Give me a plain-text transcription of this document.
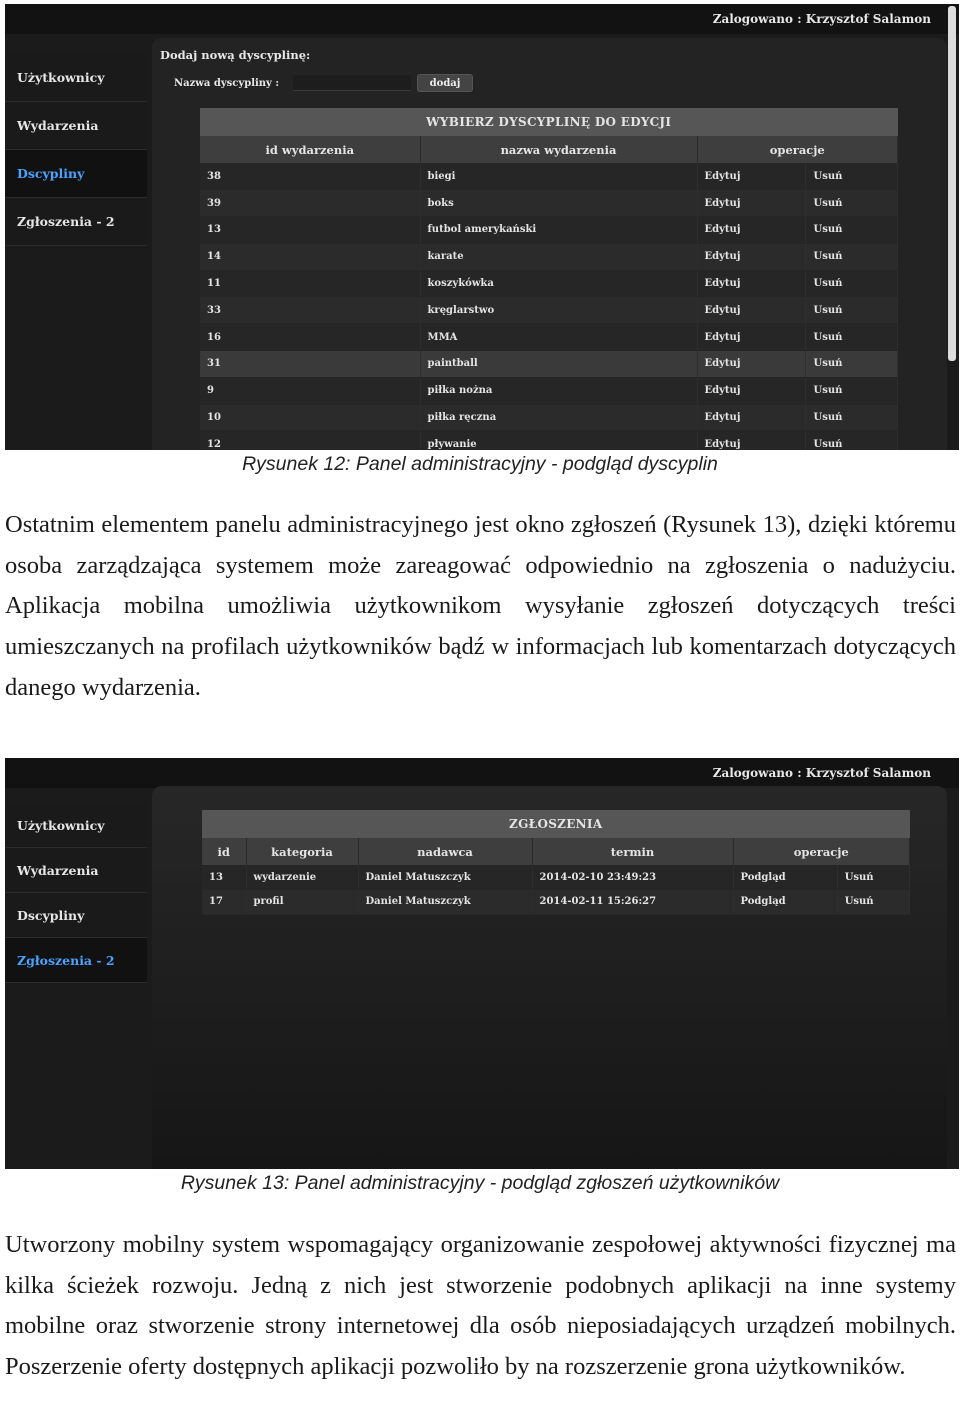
Zalogowano : Krzysztof Salamon
Użytkownicy
Wydarzenia
Dscypliny
Zgłoszenia - 2
Dodaj nową dyscyplinę:
Nazwa dyscypliny :	dodaj
WYBIERZ DYSCYPLINĘ DO EDYCJI			
id wydarzenia	nazwa wydarzenia	operacje	
38	biegi	Edytuj	Usuń
39	boks	Edytuj	Usuń
13	futbol amerykański	Edytuj	Usuń
14	karate	Edytuj	Usuń
11	koszykówka	Edytuj	Usuń
33	kręglarstwo	Edytuj	Usuń
16	MMA	Edytuj	Usuń
31	paintball	Edytuj	Usuń
9	piłka nożna	Edytuj	Usuń
10	piłka ręczna	Edytuj	Usuń
12	pływanie	Edytuj	Usuń
Rysunek 12: Panel administracyjny - podgląd dyscyplin

Ostatnim elementem panelu administracyjnego jest okno zgłoszeń (Rysunek 13), dzięki któremu osoba zarządzająca systemem może zareagować odpowiednio na zgłoszenia o nadużyciu. Aplikacja mobilna umożliwia użytkownikom wysyłanie zgłoszeń dotyczących treści umieszczanych na profilach użytkowników bądź w informacjach lub komentarzach dotyczących danego wydarzenia.

Zalogowano : Krzysztof Salamon
Użytkownicy
Wydarzenia
Dscypliny
Zgłoszenia - 2
ZGŁOSZENIA					
id	kategoria	nadawca	termin	operacje	
13	wydarzenie	Daniel Matuszczyk	2014-02-10 23:49:23	Podgląd	Usuń
17	profil	Daniel Matuszczyk	2014-02-11 15:26:27	Podgląd	Usuń
Rysunek 13: Panel administracyjny - podgląd zgłoszeń użytkowników

Utworzony mobilny system wspomagający organizowanie zespołowej aktywności fizycznej ma kilka ścieżek rozwoju. Jedną z nich jest stworzenie podobnych aplikacji na inne systemy mobilne oraz stworzenie strony internetowej dla osób nieposiadających urządzeń mobilnych. Poszerzenie oferty dostępnych aplikacji pozwoliło by na rozszerzenie grona użytkowników.
